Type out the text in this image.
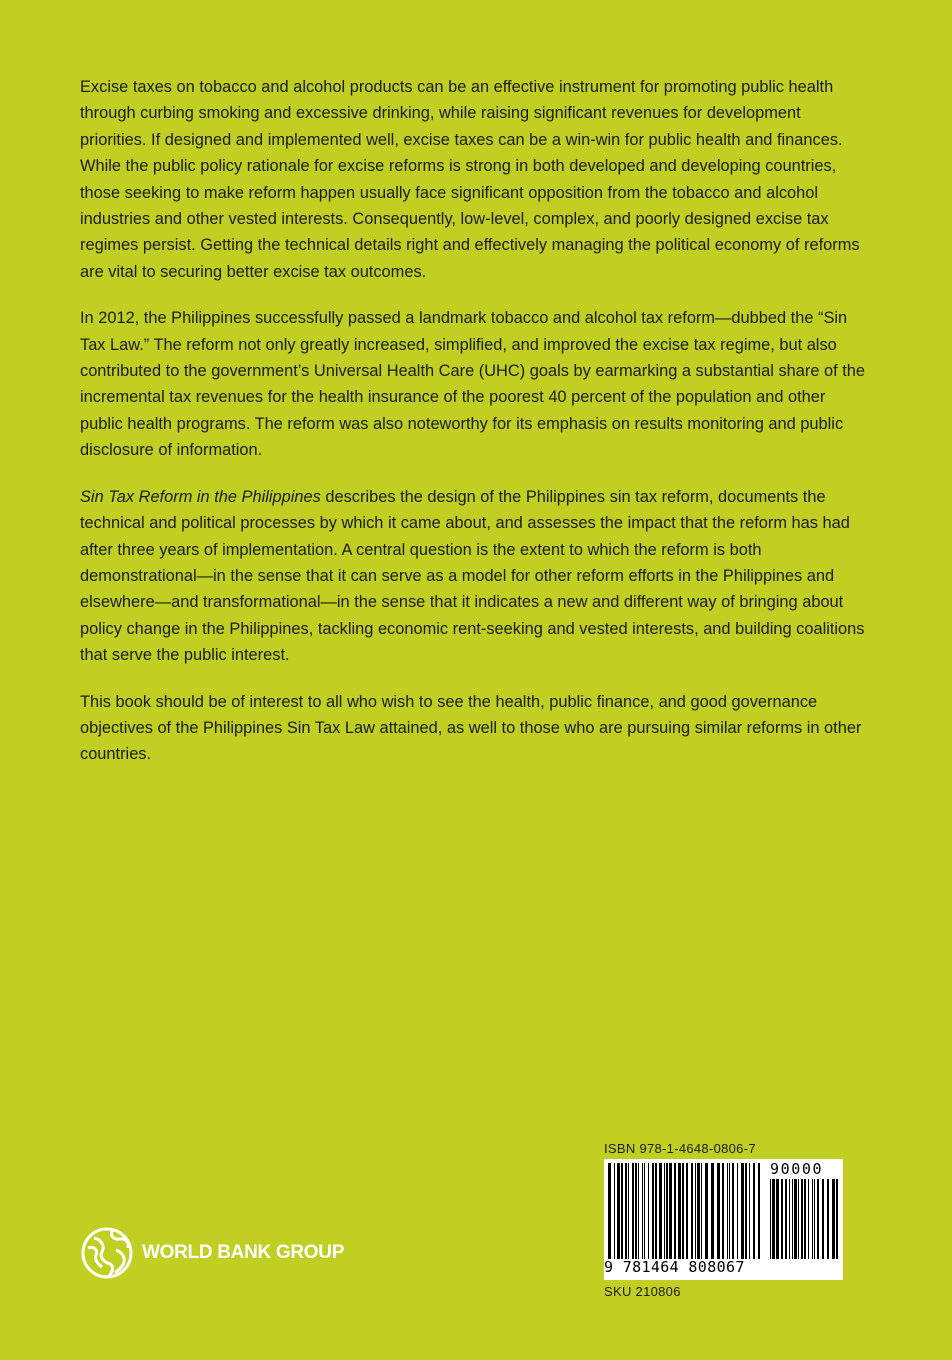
Excise taxes on tobacco and alcohol products can be an effective instrument for promoting public health through curbing smoking and excessive drinking, while raising significant revenues for development priorities. If designed and implemented well, excise taxes can be a win-win for public health and finances. While the public policy rationale for excise reforms is strong in both developed and developing countries, those seeking to make reform happen usually face significant opposition from the tobacco and alcohol industries and other vested interests. Consequently, low-level, complex, and poorly designed excise tax regimes persist. Getting the technical details right and effectively managing the political economy of reforms are vital to securing better excise tax outcomes.

In 2012, the Philippines successfully passed a landmark tobacco and alcohol tax reform—dubbed the “Sin Tax Law.” The reform not only greatly increased, simplified, and improved the excise tax regime, but also contributed to the government’s Universal Health Care (UHC) goals by earmarking a substantial share of the incremental tax revenues for the health insurance of the poorest 40 percent of the population and other public health programs. The reform was also noteworthy for its emphasis on results monitoring and public disclosure of information.

Sin Tax Reform in the Philippines describes the design of the Philippines sin tax reform, documents the technical and political processes by which it came about, and assesses the impact that the reform has had after three years of implementation. A central question is the extent to which the reform is both demonstrational—in the sense that it can serve as a model for other reform efforts in the Philippines and elsewhere—and transformational—in the sense that it indicates a new and different way of bringing about policy change in the Philippines, tackling economic rent-seeking and vested interests, and building coalitions that serve the public interest.

This book should be of interest to all who wish to see the health, public finance, and good governance objectives of the Philippines Sin Tax Law attained, as well to those who are pursuing similar reforms in other countries.

WORLD BANK GROUP
ISBN 978-1-4648-0806-7
9 781464 808067
90000
SKU 210806
